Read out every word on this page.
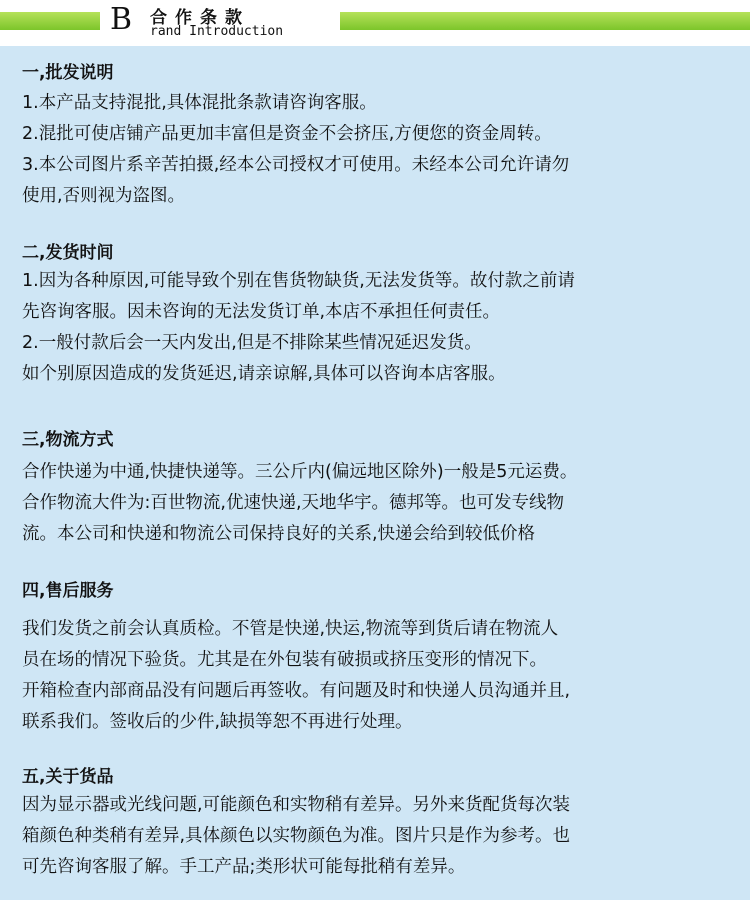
B 合作条款
rand Introduction
一,批发说明
1.本产品支持混批,具体混批条款请咨询客服。
2.混批可使店铺产品更加丰富但是资金不会挤压,方便您的资金周转。
3.本公司图片系辛苦拍摄,经本公司授权才可使用。未经本公司允许请勿
使用,否则视为盗图。
二,发货时间
1.因为各种原因,可能导致个别在售货物缺货,无法发货等。故付款之前请
先咨询客服。因未咨询的无法发货订单,本店不承担任何责任。
2.一般付款后会一天内发出,但是不排除某些情况延迟发货。
如个别原因造成的发货延迟,请亲谅解,具体可以咨询本店客服。
三,物流方式
合作快递为中通,快捷快递等。三公斤内(偏远地区除外)一般是5元运费。
合作物流大件为:百世物流,优速快递,天地华宇。德邦等。也可发专线物
流。本公司和快递和物流公司保持良好的关系,快递会给到较低价格
四,售后服务
我们发货之前会认真质检。不管是快递,快运,物流等到货后请在物流人
员在场的情况下验货。尤其是在外包装有破损或挤压变形的情况下。
开箱检查内部商品没有问题后再签收。有问题及时和快递人员沟通并且,
联系我们。签收后的少件,缺损等恕不再进行处理。
五,关于货品
因为显示器或光线问题,可能颜色和实物稍有差异。另外来货配货每次装
箱颜色种类稍有差异,具体颜色以实物颜色为准。图片只是作为参考。也
可先咨询客服了解。手工产品;类形状可能每批稍有差异。
